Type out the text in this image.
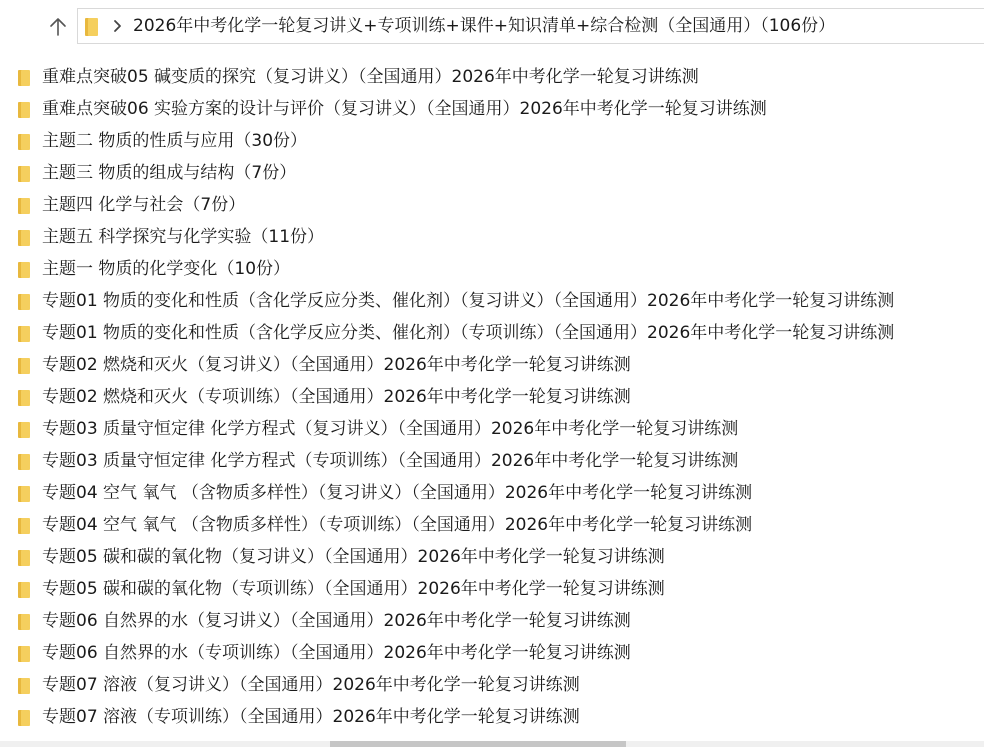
2026年中考化学一轮复习讲义+专项训练+课件+知识清单+综合检测（全国通用）（106份）
重难点突破05 碱变质的探究（复习讲义）（全国通用）2026年中考化学一轮复习讲练测
重难点突破06 实验方案的设计与评价（复习讲义）（全国通用）2026年中考化学一轮复习讲练测
主题二 物质的性质与应用（30份）
主题三 物质的组成与结构（7份）
主题四 化学与社会（7份）
主题五 科学探究与化学实验（11份）
主题一 物质的化学变化（10份）
专题01 物质的变化和性质（含化学反应分类、催化剂）（复习讲义）（全国通用）2026年中考化学一轮复习讲练测
专题01 物质的变化和性质（含化学反应分类、催化剂）（专项训练）（全国通用）2026年中考化学一轮复习讲练测
专题02 燃烧和灭火（复习讲义）（全国通用）2026年中考化学一轮复习讲练测
专题02 燃烧和灭火（专项训练）（全国通用）2026年中考化学一轮复习讲练测
专题03 质量守恒定律 化学方程式（复习讲义）（全国通用）2026年中考化学一轮复习讲练测
专题03 质量守恒定律 化学方程式（专项训练）（全国通用）2026年中考化学一轮复习讲练测
专题04 空气 氧气 （含物质多样性）（复习讲义）（全国通用）2026年中考化学一轮复习讲练测
专题04 空气 氧气 （含物质多样性）（专项训练）（全国通用）2026年中考化学一轮复习讲练测
专题05 碳和碳的氧化物（复习讲义）（全国通用）2026年中考化学一轮复习讲练测
专题05 碳和碳的氧化物（专项训练）（全国通用）2026年中考化学一轮复习讲练测
专题06 自然界的水（复习讲义）（全国通用）2026年中考化学一轮复习讲练测
专题06 自然界的水（专项训练）（全国通用）2026年中考化学一轮复习讲练测
专题07 溶液（复习讲义）（全国通用）2026年中考化学一轮复习讲练测
专题07 溶液（专项训练）（全国通用）2026年中考化学一轮复习讲练测
